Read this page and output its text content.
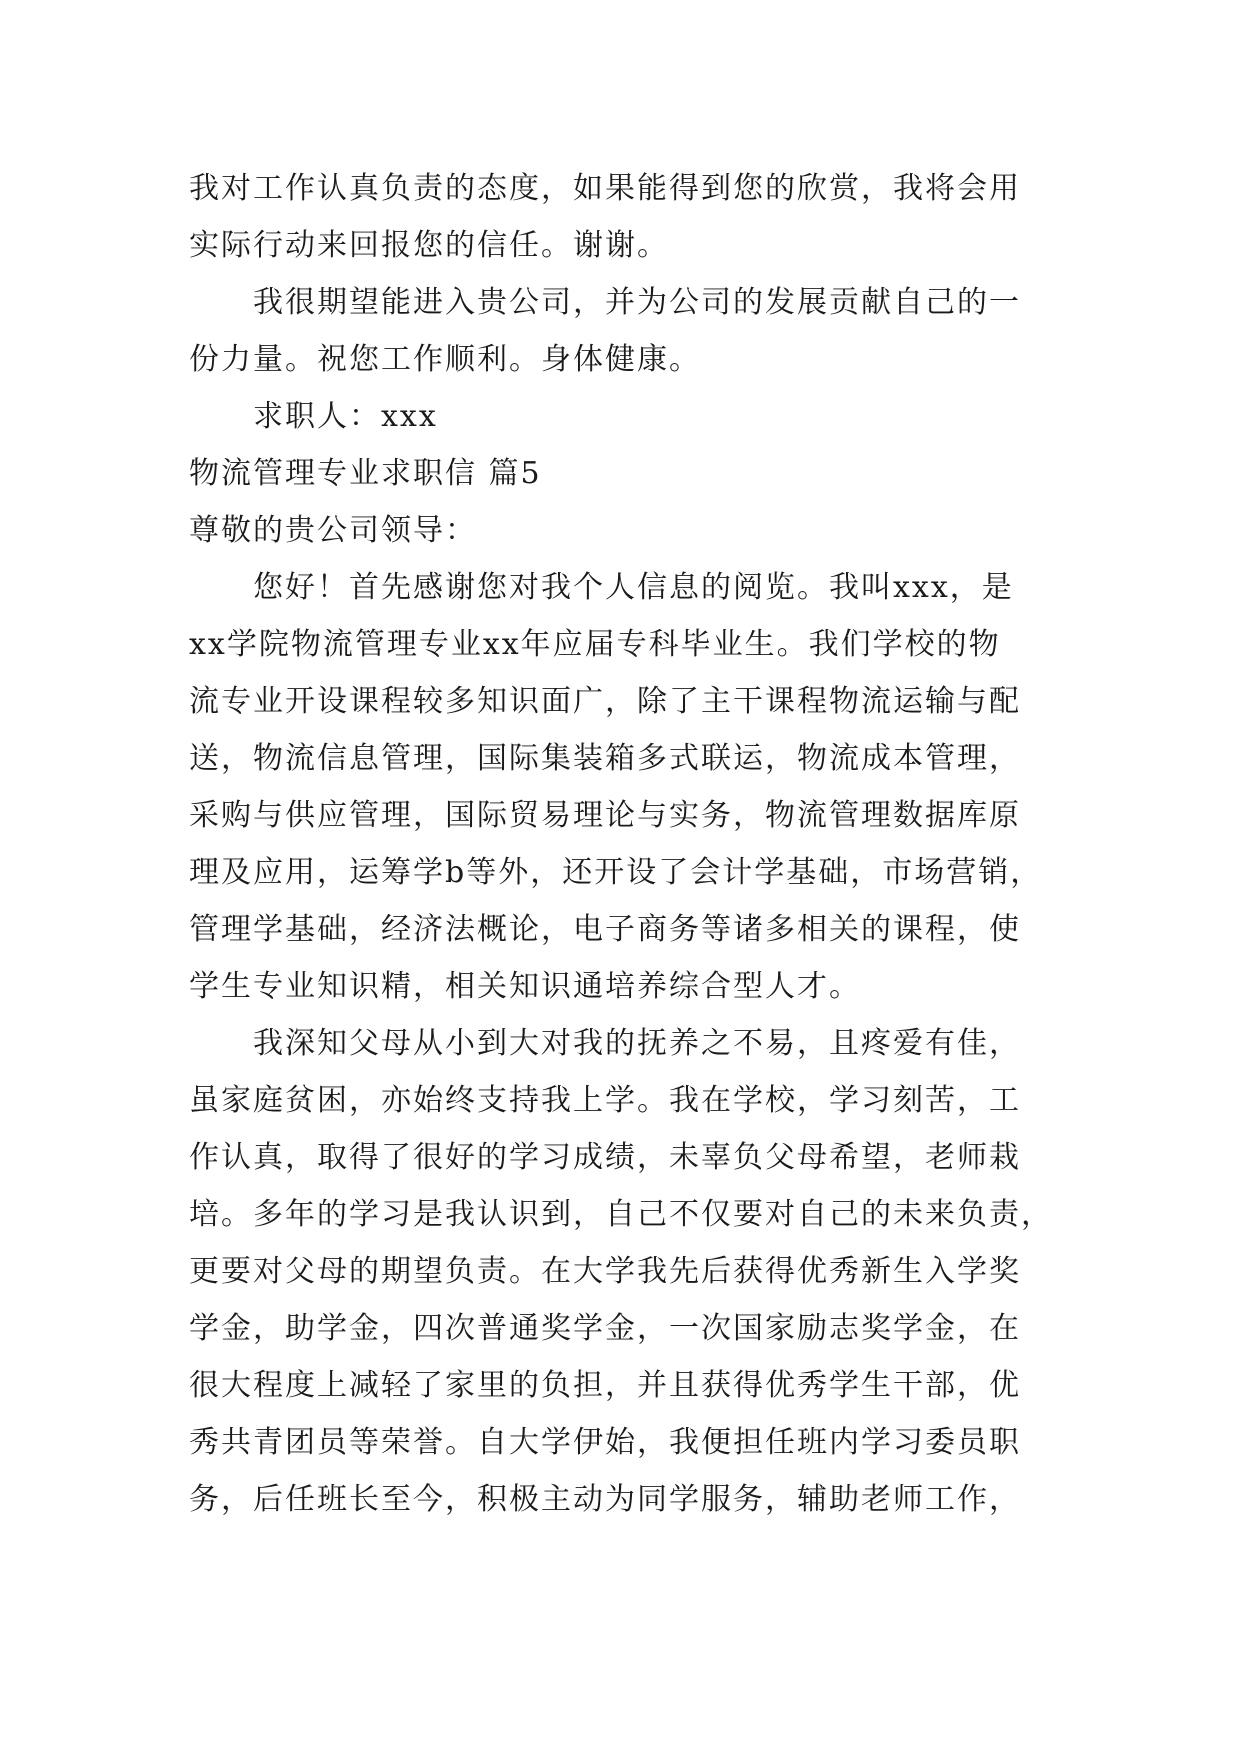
我对工作认真负责的态度，如果能得到您的欣赏，我将会用
实际行动来回报您的信任。谢谢。
我很期望能进入贵公司，并为公司的发展贡献自己的一
份力量。祝您工作顺利。身体健康。
求职人：xxx
物流管理专业求职信 篇5
尊敬的贵公司领导：
您好！首先感谢您对我个人信息的阅览。我叫xxx，是
xx学院物流管理专业xx年应届专科毕业生。我们学校的物
流专业开设课程较多知识面广，除了主干课程物流运输与配
送，物流信息管理，国际集装箱多式联运，物流成本管理，
采购与供应管理，国际贸易理论与实务，物流管理数据库原
理及应用，运筹学b等外，还开设了会计学基础，市场营销，
管理学基础，经济法概论，电子商务等诸多相关的课程，使
学生专业知识精，相关知识通培养综合型人才。
我深知父母从小到大对我的抚养之不易，且疼爱有佳，
虽家庭贫困，亦始终支持我上学。我在学校，学习刻苦，工
作认真，取得了很好的学习成绩，未辜负父母希望，老师栽
培。多年的学习是我认识到，自己不仅要对自己的未来负责，
更要对父母的期望负责。在大学我先后获得优秀新生入学奖
学金，助学金，四次普通奖学金，一次国家励志奖学金，在
很大程度上减轻了家里的负担，并且获得优秀学生干部，优
秀共青团员等荣誉。自大学伊始，我便担任班内学习委员职
务，后任班长至今，积极主动为同学服务，辅助老师工作，
